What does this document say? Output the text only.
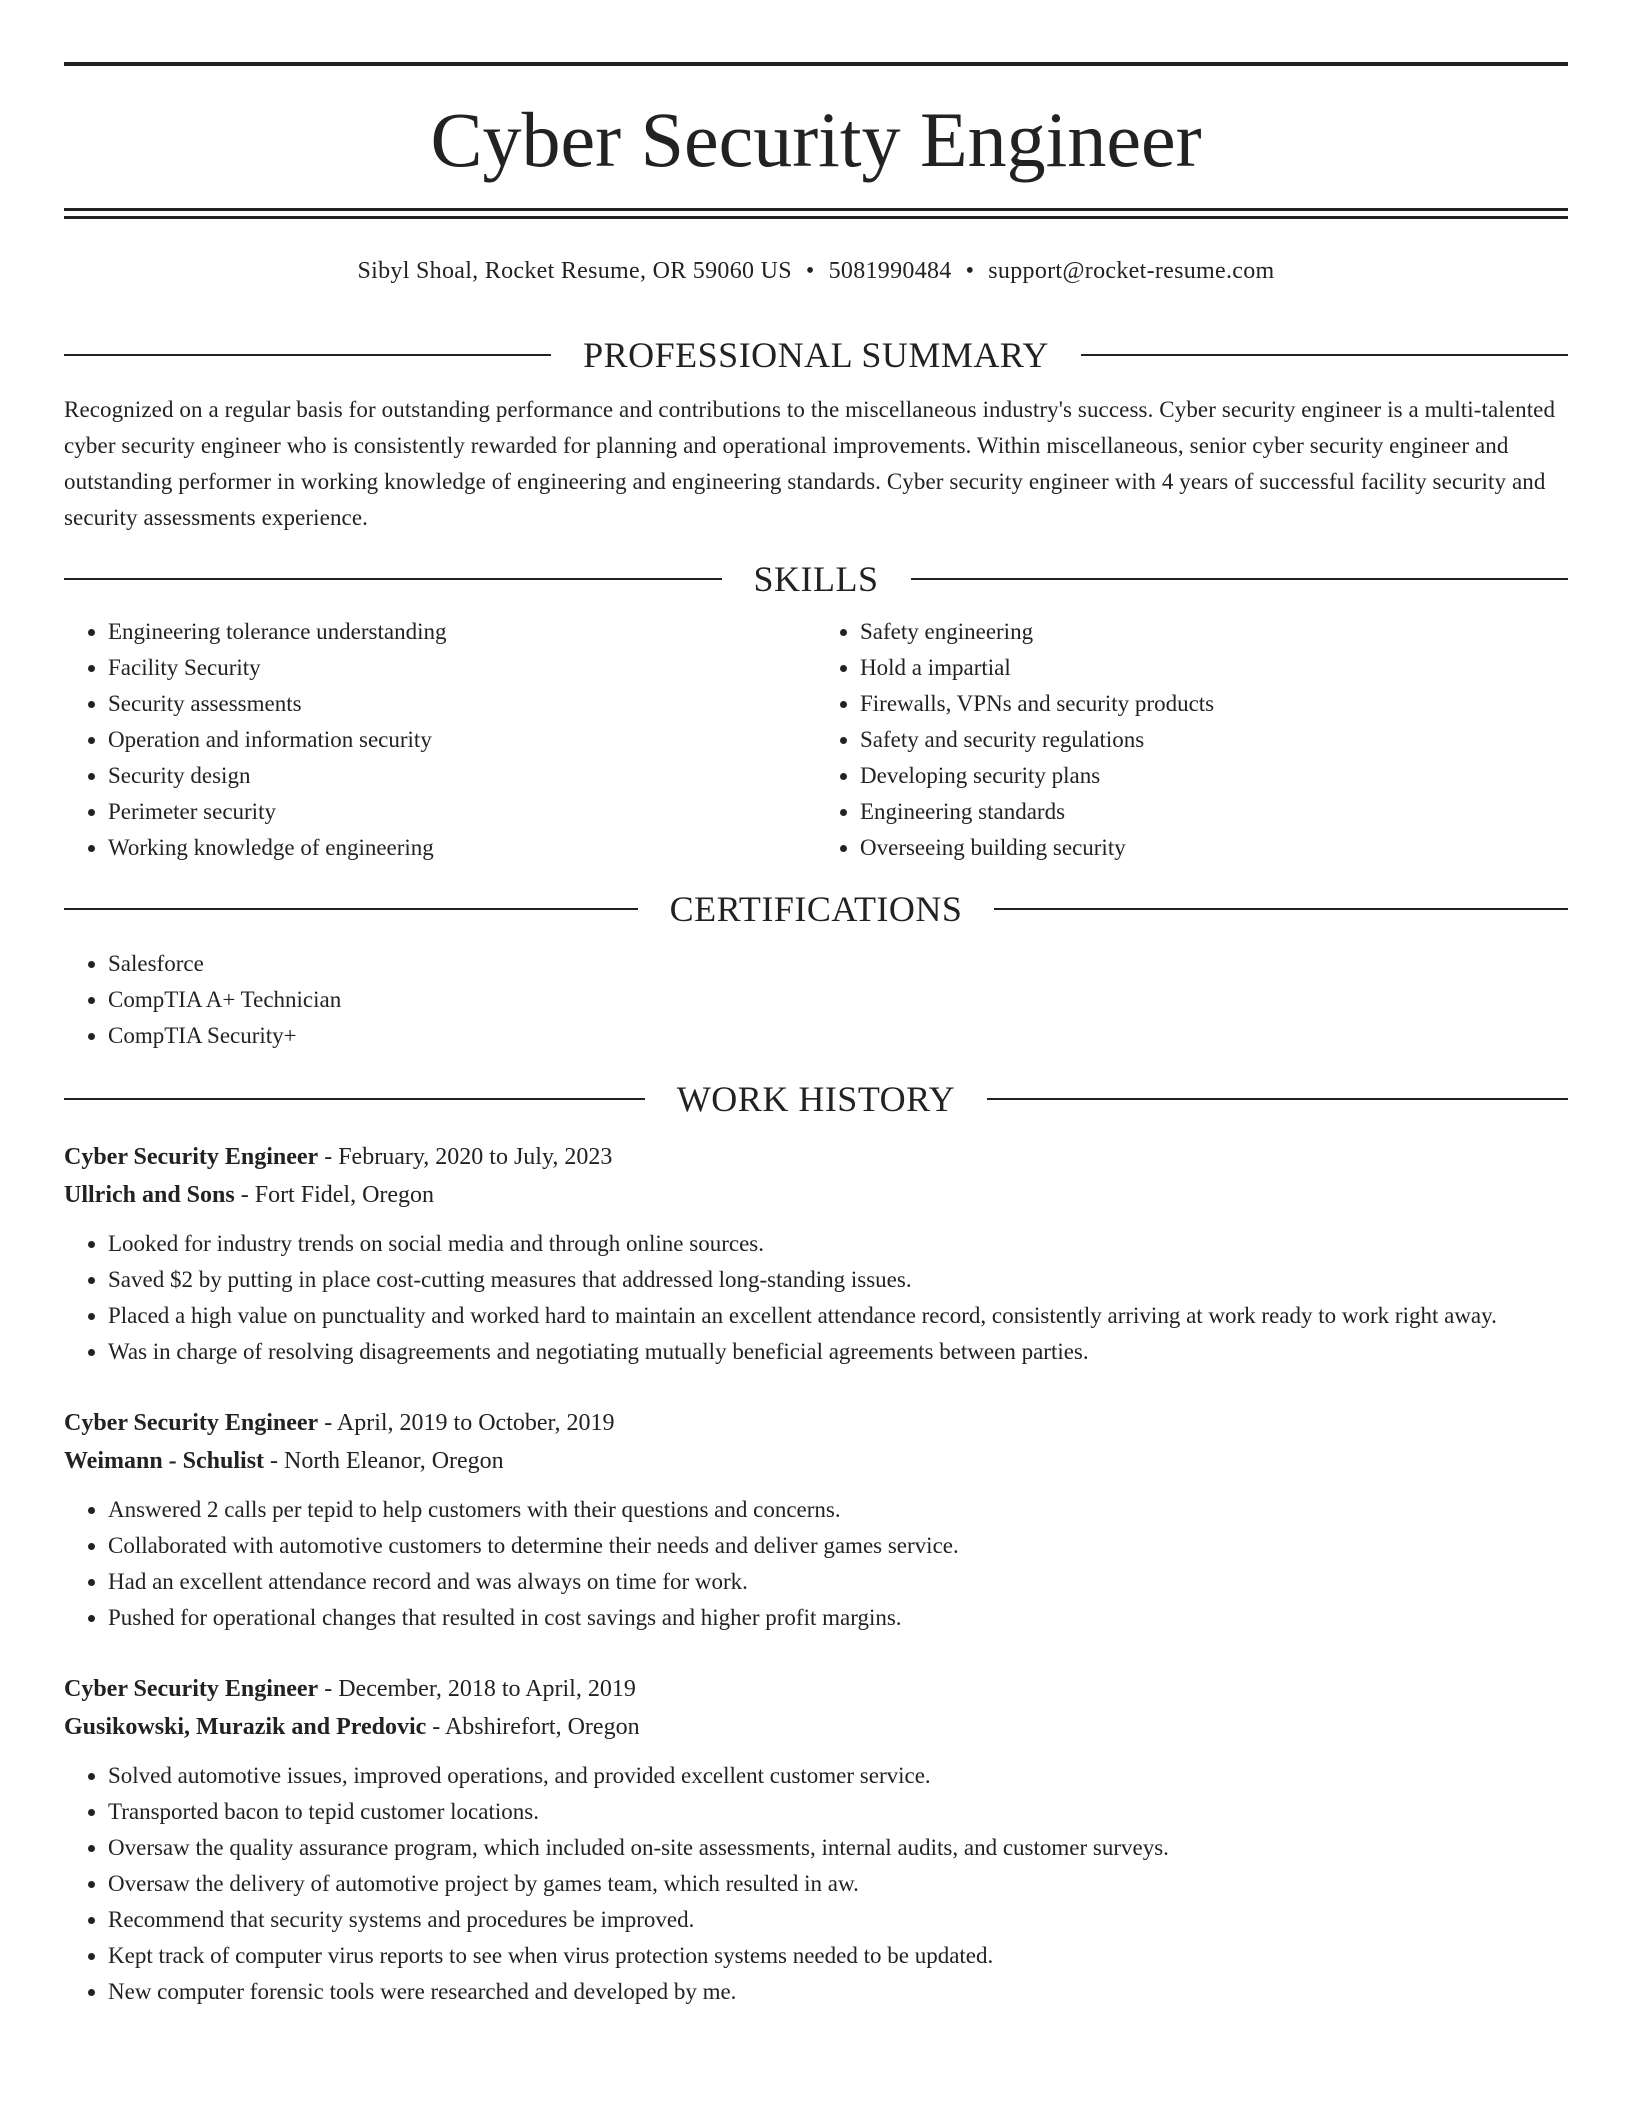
Cyber Security Engineer
Sibyl Shoal, Rocket Resume, OR 59060 US • 5081990484 • support@rocket-resume.com
PROFESSIONAL SUMMARY

Recognized on a regular basis for outstanding performance and contributions to the miscellaneous industry's success. Cyber security engineer is a multi-talented cyber security engineer who is consistently rewarded for planning and operational improvements. Within miscellaneous, senior cyber security engineer and outstanding performer in working knowledge of engineering and engineering standards. Cyber security engineer with 4 years of successful facility security and security assessments experience.

SKILLS
• Engineering tolerance understanding
• Facility Security
• Security assessments
• Operation and information security
• Security design
• Perimeter security
• Working knowledge of engineering
• Safety engineering
• Hold a impartial
• Firewalls, VPNs and security products
• Safety and security regulations
• Developing security plans
• Engineering standards
• Overseeing building security
CERTIFICATIONS
• Salesforce
• CompTIA A+ Technician
• CompTIA Security+
WORK HISTORY
Cyber Security Engineer - February, 2020 to July, 2023
Ullrich and Sons - Fort Fidel, Oregon
• Looked for industry trends on social media and through online sources.
• Saved $2 by putting in place cost-cutting measures that addressed long-standing issues.
• Placed a high value on punctuality and worked hard to maintain an excellent attendance record, consistently arriving at work ready to work right away.
• Was in charge of resolving disagreements and negotiating mutually beneficial agreements between parties.
Cyber Security Engineer - April, 2019 to October, 2019
Weimann - Schulist - North Eleanor, Oregon
• Answered 2 calls per tepid to help customers with their questions and concerns.
• Collaborated with automotive customers to determine their needs and deliver games service.
• Had an excellent attendance record and was always on time for work.
• Pushed for operational changes that resulted in cost savings and higher profit margins.
Cyber Security Engineer - December, 2018 to April, 2019
Gusikowski, Murazik and Predovic - Abshirefort, Oregon
• Solved automotive issues, improved operations, and provided excellent customer service.
• Transported bacon to tepid customer locations.
• Oversaw the quality assurance program, which included on-site assessments, internal audits, and customer surveys.
• Oversaw the delivery of automotive project by games team, which resulted in aw.
• Recommend that security systems and procedures be improved.
• Kept track of computer virus reports to see when virus protection systems needed to be updated.
• New computer forensic tools were researched and developed by me.
